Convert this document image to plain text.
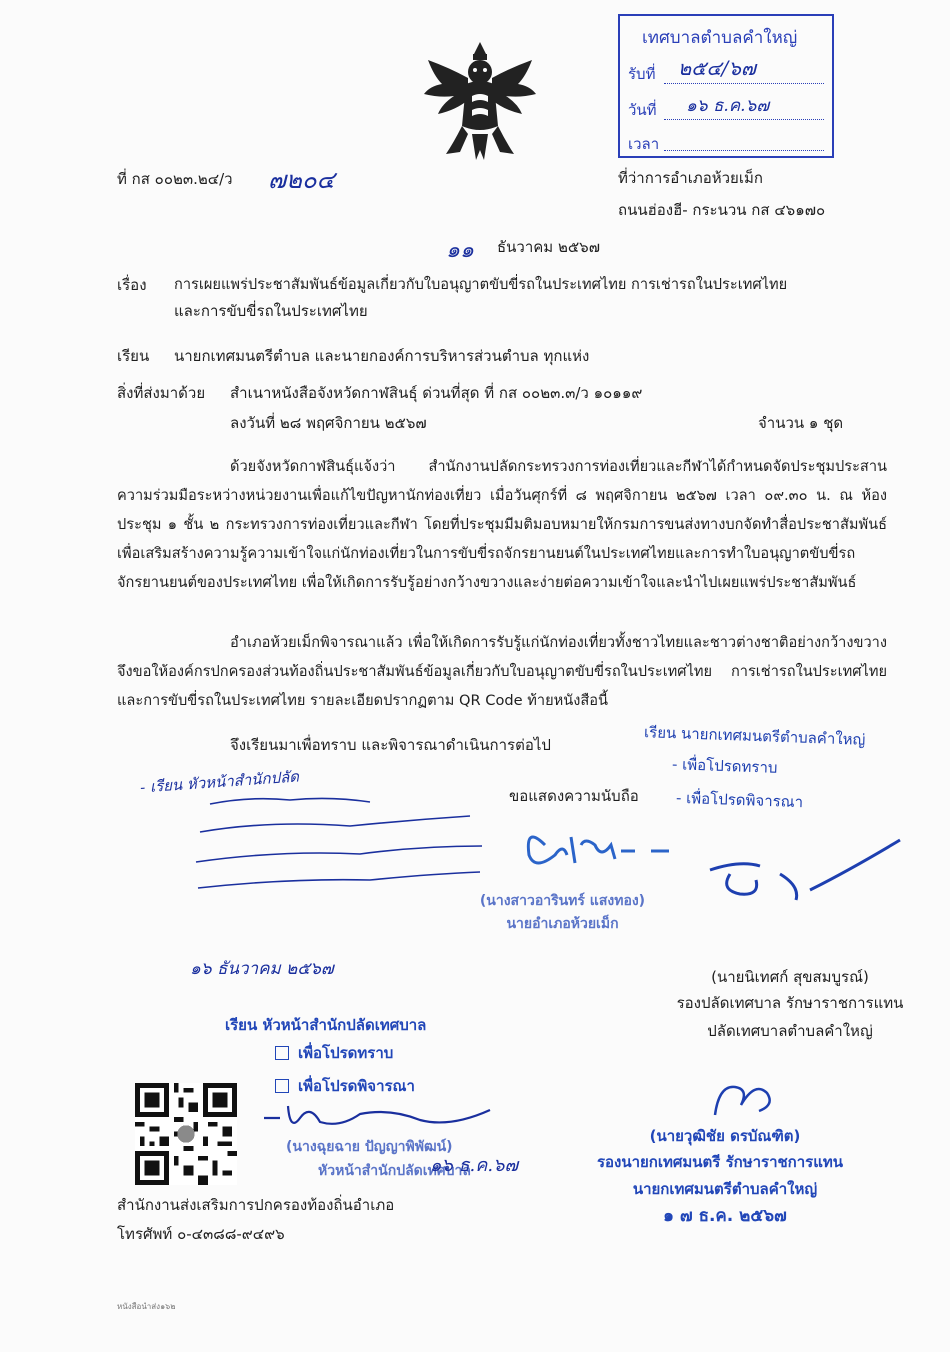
เทศบาลตำบลคำใหญ่
รับที่ ๒๕๔/๖๗
วันที่ ๑๖ ธ.ค.๖๗
เวลา
ที่ กส ๐๐๒๓.๒๔/ว ๗๒๐๔	ที่ว่าการอำเภอห้วยเม็ก
ถนนฮ่องฮี- กระนวน กส ๔๖๑๗๐
๑๑ ธันวาคม ๒๕๖๗
เรื่อง การเผยแพร่ประชาสัมพันธ์ข้อมูลเกี่ยวกับใบอนุญาตขับขี่รถในประเทศไทย การเช่ารถในประเทศไทย
และการขับขี่รถในประเทศไทย
เรียน นายกเทศมนตรีตำบล และนายกองค์การบริหารส่วนตำบล ทุกแห่ง
สิ่งที่ส่งมาด้วย สำเนาหนังสือจังหวัดกาฬสินธุ์ ด่วนที่สุด ที่ กส ๐๐๒๓.๓/ว ๑๐๑๑๙
ลงวันที่ ๒๘ พฤศจิกายน ๒๕๖๗	จำนวน ๑ ชุด
ด้วยจังหวัดกาฬสินธุ์แจ้งว่า สำนักงานปลัดกระทรวงการท่องเที่ยวและกีฬาได้กำหนดจัดประชุมประสานความร่วมมือระหว่างหน่วยงานเพื่อแก้ไขปัญหานักท่องเที่ยว เมื่อวันศุกร์ที่ ๘ พฤศจิกายน ๒๕๖๗ เวลา ๐๙.๓๐ น. ณ ห้องประชุม ๑ ชั้น ๒ กระทรวงการท่องเที่ยวและกีฬา โดยที่ประชุมมีมติมอบหมายให้กรมการขนส่งทางบกจัดทำสื่อประชาสัมพันธ์เพื่อเสริมสร้างความรู้ความเข้าใจแก่นักท่องเที่ยวในการขับขี่รถจักรยานยนต์ในประเทศไทยและการทำใบอนุญาตขับขี่รถจักรยานยนต์ของประเทศไทย เพื่อให้เกิดการรับรู้อย่างกว้างขวางและง่ายต่อความเข้าใจและนำไปเผยแพร่ประชาสัมพันธ์
อำเภอห้วยเม็กพิจารณาแล้ว เพื่อให้เกิดการรับรู้แก่นักท่องเที่ยวทั้งชาวไทยและชาวต่างชาติอย่างกว้างขวาง จึงขอให้องค์กรปกครองส่วนท้องถิ่นประชาสัมพันธ์ข้อมูลเกี่ยวกับใบอนุญาตขับขี่รถในประเทศไทย การเช่ารถในประเทศไทย และการขับขี่รถในประเทศไทย รายละเอียดปรากฏตาม QR Code ท้ายหนังสือนี้
จึงเรียนมาเพื่อทราบ และพิจารณาดำเนินการต่อไป
ขอแสดงความนับถือ
(นางสาวอารินทร์ แสงทอง)
นายอำเภอห้วยเม็ก
เรียน นายกเทศมนตรีตำบลคำใหญ่
- เพื่อโปรดทราบ
- เพื่อโปรดพิจารณา
(นายนิเทศก์ สุขสมบูรณ์)
รองปลัดเทศบาล รักษาราชการแทน
ปลัดเทศบาลตำบลคำใหญ่
- เรียน หัวหน้าสำนักปลัด
๑๖ ธันวาคม ๒๕๖๗
เรียน หัวหน้าสำนักปลัดเทศบาล
เพื่อโปรดทราบ
เพื่อโปรดพิจารณา
(นางฉุยฉาย ปัญญาพิพัฒน์)
หัวหน้าสำนักปลัดเทศบาล
๑๖ ธ.ค.๖๗
(นายวุฒิชัย ดรบัณฑิต)
รองนายกเทศมนตรี รักษาราชการแทน
นายกเทศมนตรีตำบลคำใหญ่
๑ ๗ ธ.ค. ๒๕๖๗
สำนักงานส่งเสริมการปกครองท้องถิ่นอำเภอ
โทรศัพท์ ๐-๔๓๘๘-๙๔๙๖
หนังสือนำส่ง๑๖๒
